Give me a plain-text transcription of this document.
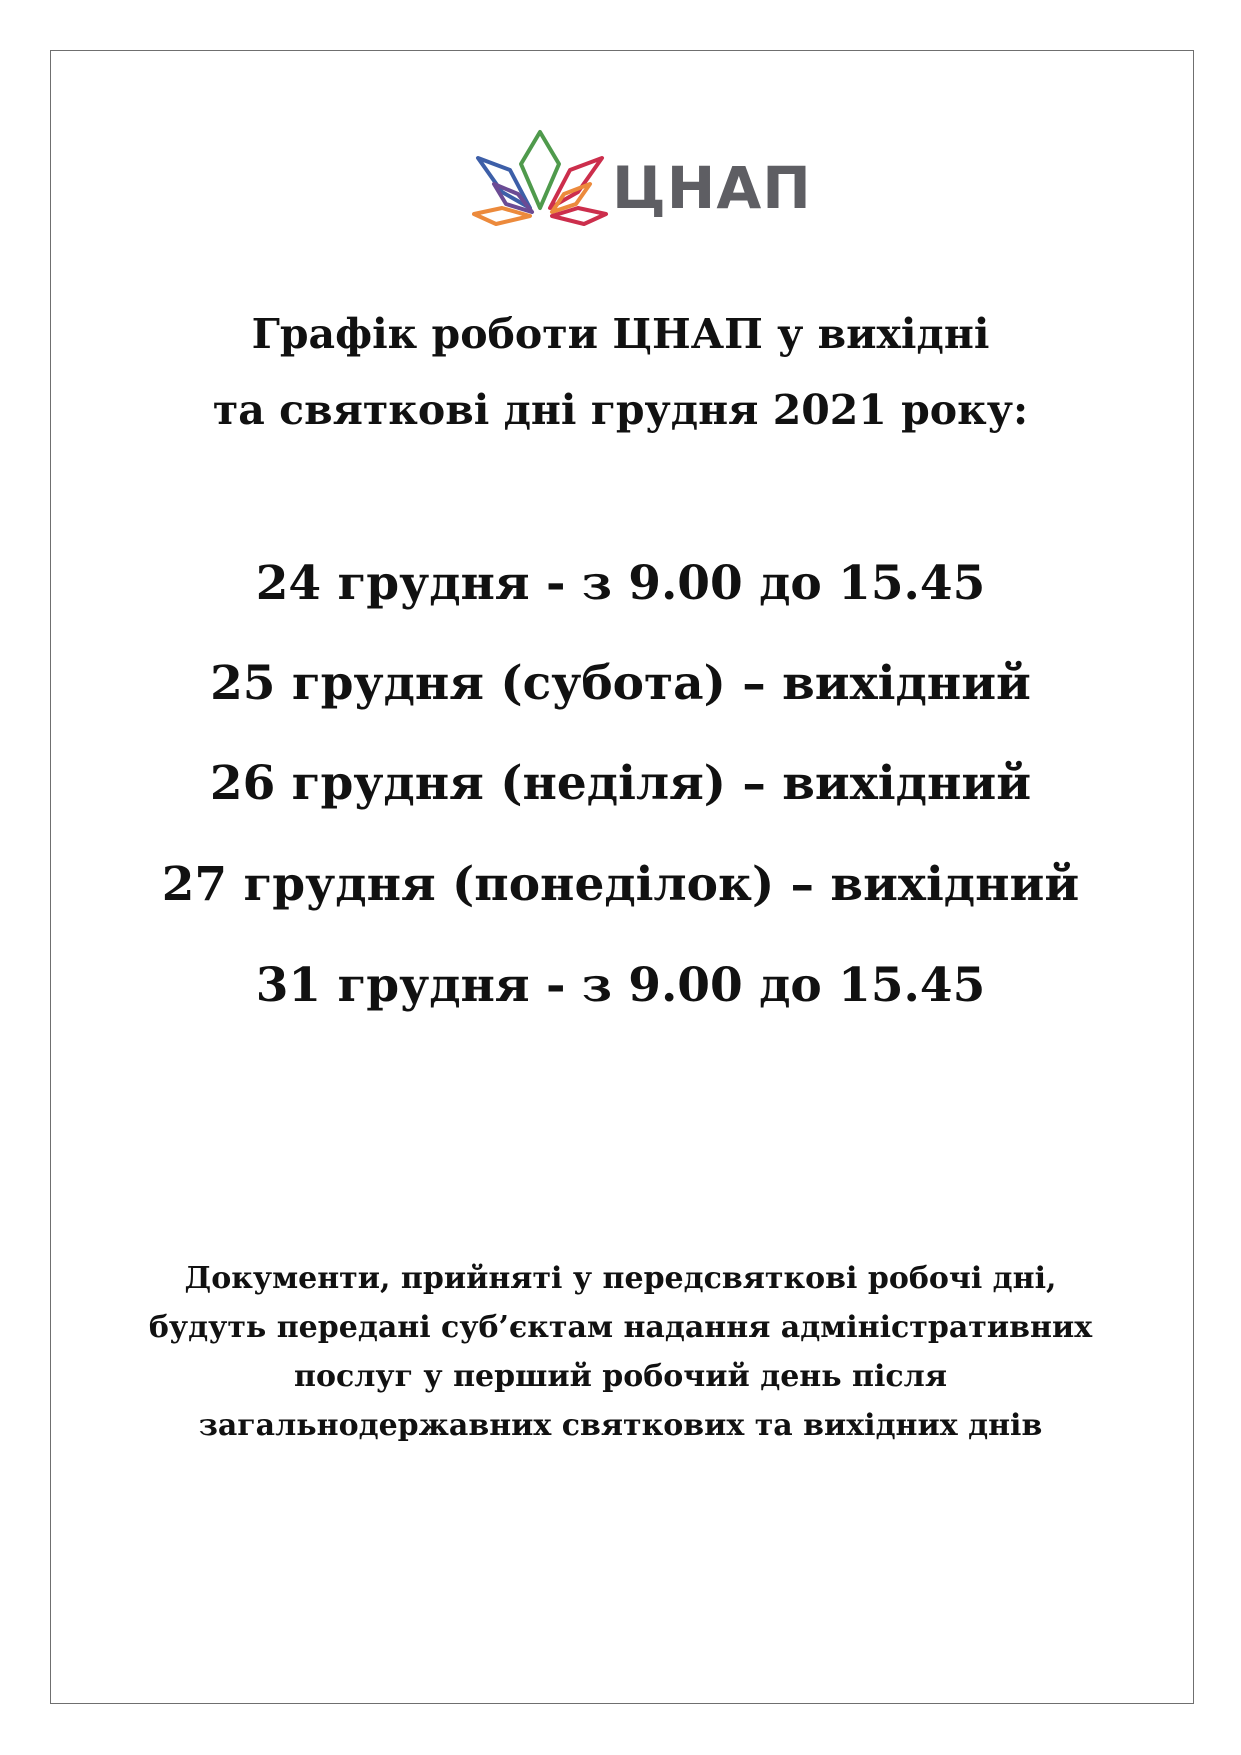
ЦНАП
Графік роботи ЦНАП у вихідні
та святкові дні грудня 2021 року:
24 грудня - з 9.00 до 15.45
25 грудня (субота) – вихідний
26 грудня (неділя) – вихідний
27 грудня (понеділок) – вихідний
31 грудня - з 9.00 до 15.45
Документи, прийняті у передсвяткові робочі дні,
будуть передані суб’єктам надання адміністративних
послуг у перший робочий день після
загальнодержавних святкових та вихідних днів
